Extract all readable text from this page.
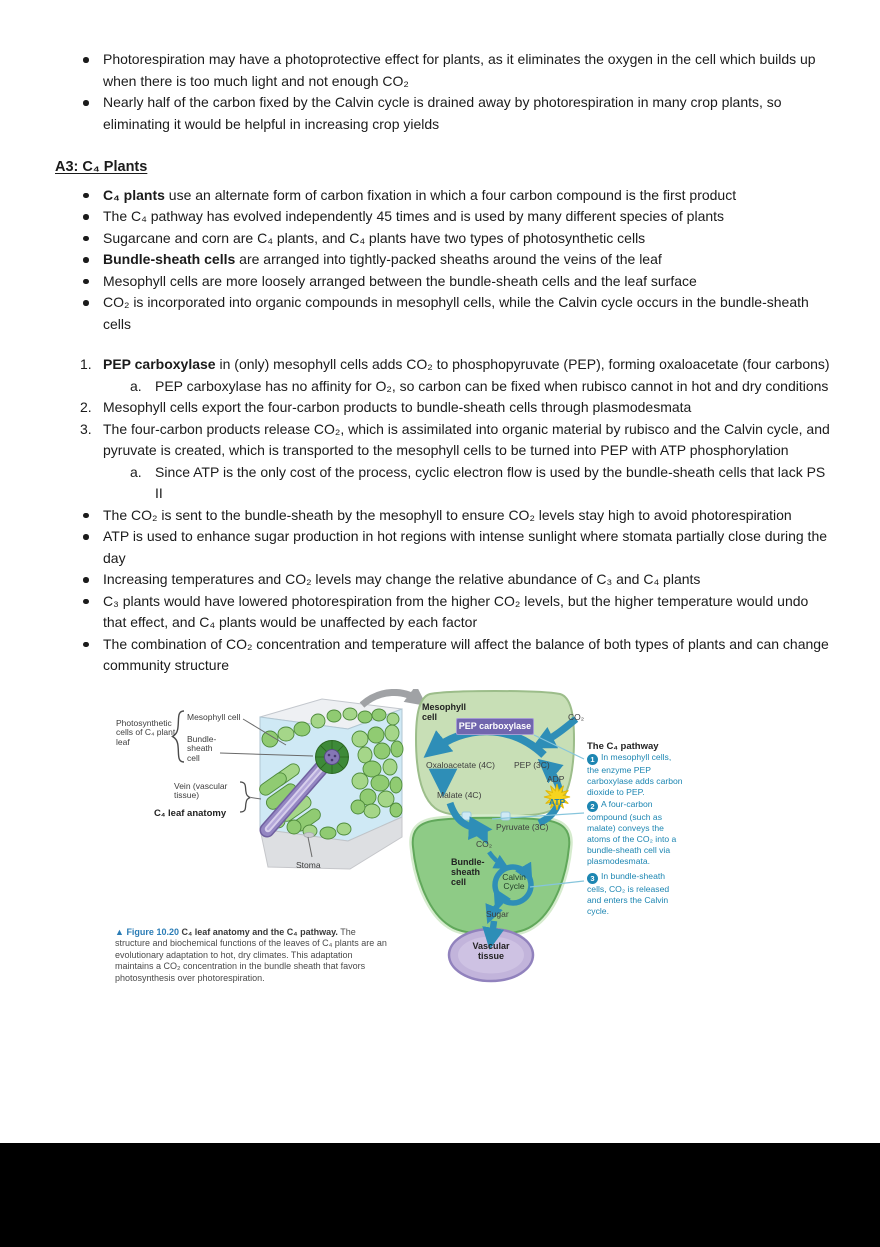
Photorespiration may have a photoprotective effect for plants, as it eliminates the oxygen in the cell which builds up when there is too much light and not enough CO₂
Nearly half of the carbon fixed by the Calvin cycle is drained away by photorespiration in many crop plants, so eliminating it would be helpful in increasing crop yields
A3: C₄ Plants
C₄ plants use an alternate form of carbon fixation in which a four carbon compound is the first product
The C₄ pathway has evolved independently 45 times and is used by many different species of plants
Sugarcane and corn are C₄ plants, and C₄ plants have two types of photosynthetic cells
Bundle-sheath cells are arranged into tightly-packed sheaths around the veins of the leaf
Mesophyll cells are more loosely arranged between the bundle-sheath cells and the leaf surface
CO₂ is incorporated into organic compounds in mesophyll cells, while the Calvin cycle occurs in the bundle-sheath cells
1. PEP carboxylase in (only) mesophyll cells adds CO₂ to phosphopyruvate (PEP), forming oxaloacetate (four carbons)
a. PEP carboxylase has no affinity for O₂, so carbon can be fixed when rubisco cannot in hot and dry conditions
2. Mesophyll cells export the four-carbon products to bundle-sheath cells through plasmodesmata
3. The four-carbon products release CO₂, which is assimilated into organic material by rubisco and the Calvin cycle, and pyruvate is created, which is transported to the mesophyll cells to be turned into PEP with ATP phosphorylation
a. Since ATP is the only cost of the process, cyclic electron flow is used by the bundle-sheath cells that lack PS II
The CO₂ is sent to the bundle-sheath by the mesophyll to ensure CO₂ levels stay high to avoid photorespiration
ATP is used to enhance sugar production in hot regions with intense sunlight where stomata partially close during the day
Increasing temperatures and CO₂ levels may change the relative abundance of C₃ and C₄ plants
C₃ plants would have lowered photorespiration from the higher CO₂ levels, but the higher temperature would undo that effect, and C₄ plants would be unaffected by each factor
The combination of CO₂ concentration and temperature will affect the balance of both types of plants and can change community structure
Photosynthetic cells of C₄ plant leaf
Mesophyll cell
Bundle- sheath cell
Vein (vascular tissue)
C₄ leaf anatomy
Stoma
Mesophyll cell
PEP carboxylase
CO₂
Oxaloacetate (4C) PEP (3C)
ADP
ATP
Malate (4C)
Pyruvate (3C)
CO₂
Bundle- sheath cell	Calvin Cycle
Sugar
Vascular tissue
The C₄ pathway
1 In mesophyll cells, the enzyme PEP carboxylase adds carbon dioxide to PEP.
2 A four-carbon compound (such as malate) conveys the atoms of the CO₂ into a bundle-sheath cell via plasmodesmata.
3 In bundle-sheath cells, CO₂ is released and enters the Calvin cycle.
▲ Figure 10.20 C₄ leaf anatomy and the C₄ pathway. The structure and biochemical functions of the leaves of C₄ plants are an evolutionary adaptation to hot, dry climates. This adaptation maintains a CO₂ concentration in the bundle sheath that favors photosynthesis over photorespiration.
